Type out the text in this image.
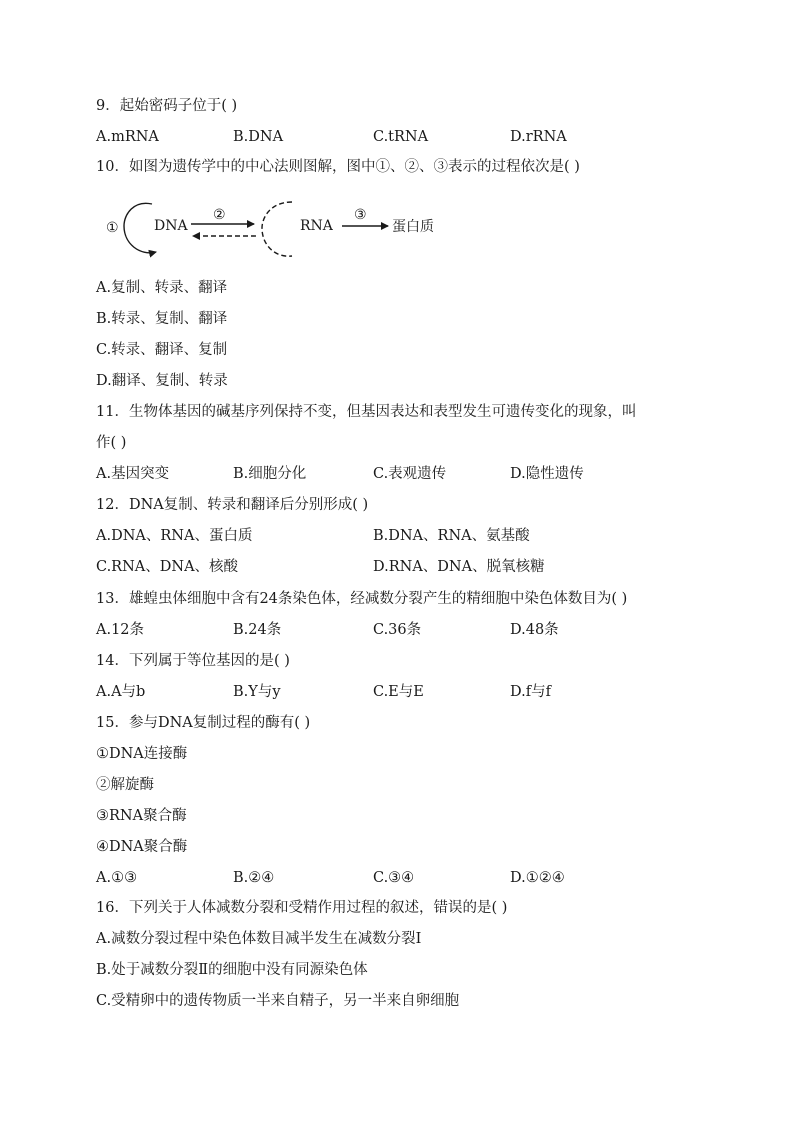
9．起始密码子位于( )
A.mRNA	B.DNA	C.tRNA	D.rRNA
10．如图为遗传学中的中心法则图解，图中①、②、③表示的过程依次是( )
①	DNA
②
RNA
③
蛋白质
A.复制、转录、翻译
B.转录、复制、翻译
C.转录、翻译、复制
D.翻译、复制、转录
11．生物体基因的碱基序列保持不变，但基因表达和表型发生可遗传变化的现象，叫
作( )
A.基因突变	B.细胞分化	C.表观遗传	D.隐性遗传
12．DNA复制、转录和翻译后分别形成( )
A.DNA、RNA、蛋白质	B.DNA、RNA、氨基酸
C.RNA、DNA、核酸	D.RNA、DNA、脱氧核糖
13．雄蝗虫体细胞中含有24条染色体，经减数分裂产生的精细胞中染色体数目为( )
A.12条	B.24条	C.36条	D.48条
14．下列属于等位基因的是( )
A.A与b	B.Y与y	C.E与E	D.f与f
15．参与DNA复制过程的酶有( )
①DNA连接酶
②解旋酶
③RNA聚合酶
④DNA聚合酶
A.①③	B.②④	C.③④	D.①②④
16．下列关于人体减数分裂和受精作用过程的叙述，错误的是( )
A.减数分裂过程中染色体数目减半发生在减数分裂Ⅰ
B.处于减数分裂Ⅱ的细胞中没有同源染色体
C.受精卵中的遗传物质一半来自精子，另一半来自卵细胞
